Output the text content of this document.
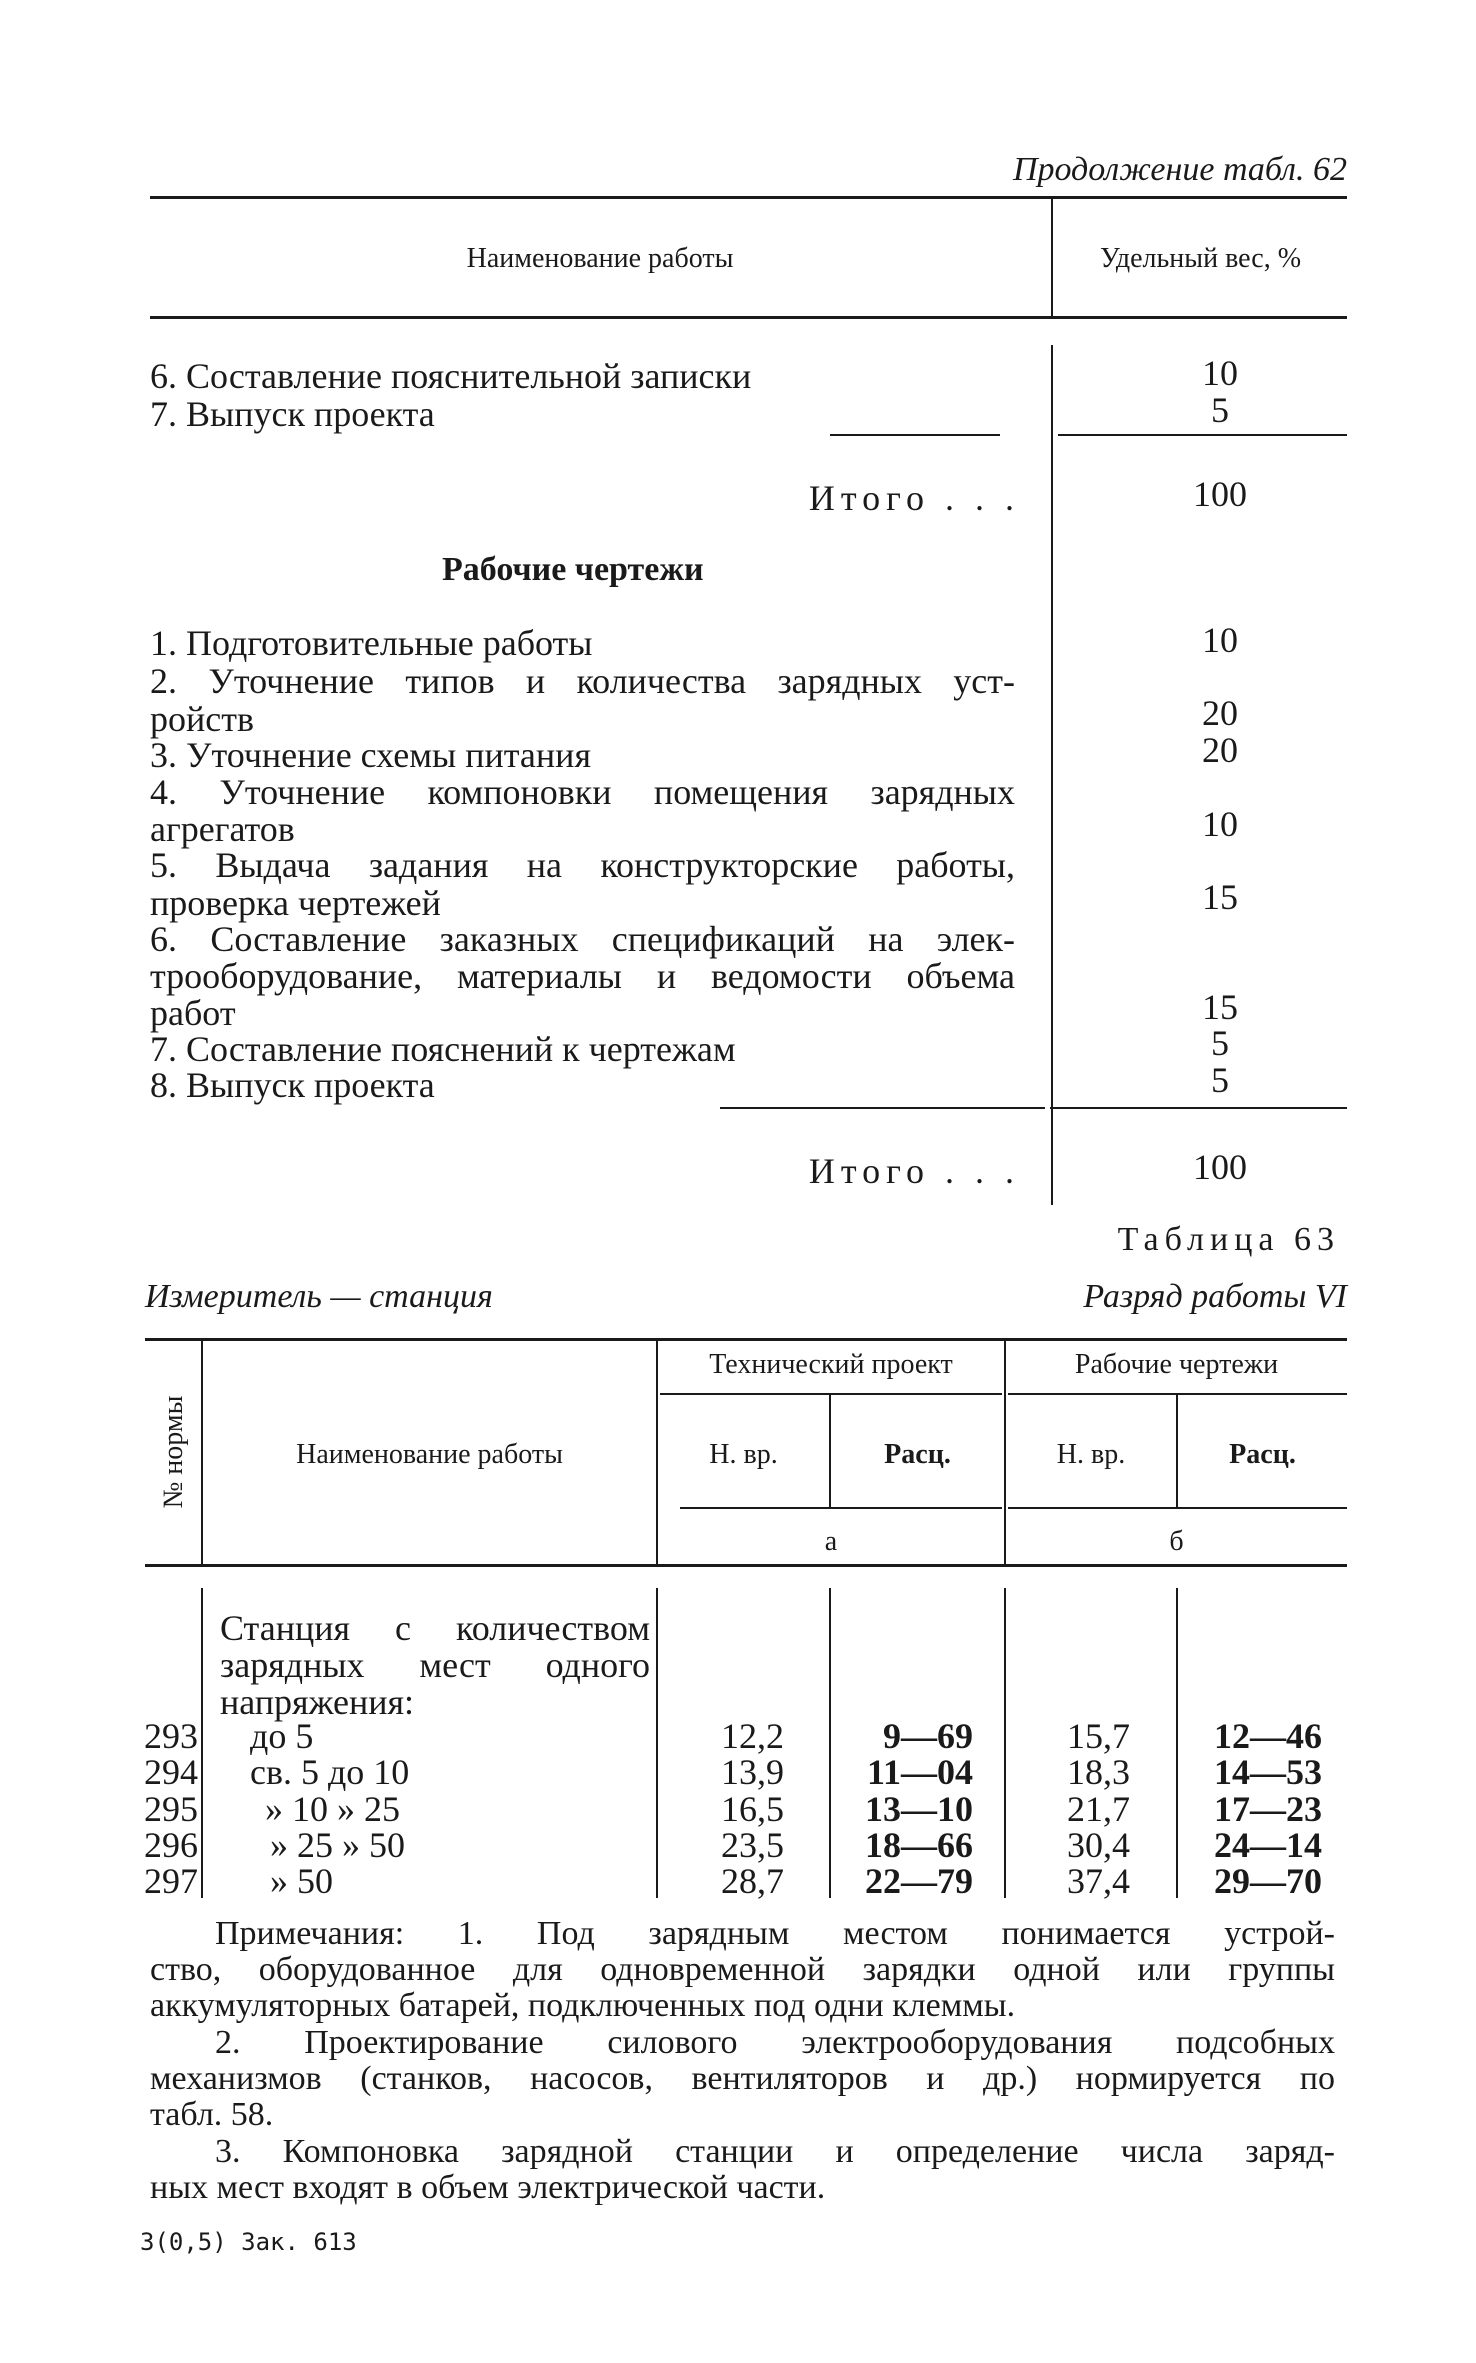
Продолжение табл. 62
Наименование работы	Удельный вес, %
6. Составление пояснительной записки	10
7. Выпуск проекта	5
Итого . . .	100
Рабочие чертежи
1. Подготовительные работы	10
2. Уточнение типов и количества зарядных уст-
ройств	20
3. Уточнение схемы питания	20
4. Уточнение компоновки помещения зарядных
агрегатов	10
5. Выдача задания на конструкторские работы,
проверка чертежей	15
6. Составление заказных спецификаций на элек-
трооборудование, материалы и ведомости объема
работ	15
7. Составление пояснений к чертежам	5
8. Выпуск проекта	5
Итого . . .	100
Таблица 63
Измеритель — станция	Разряд работы VI
№ нормы	Наименование работы
Технический проект	Рабочие чертежи
Н. вр.	Расц.	Н. вр.	Расц.
а	б
Станция с количеством
зарядных мест одного
напряжения:
293 до 5	12,2	9—69	15,7	12—46
294 св. 5 до 10	13,9	11—04	18,3	14—53
295 » 10 » 25	16,5	13—10	21,7	17—23
296 » 25 » 50	23,5	18—66	30,4	24—14
297 » 50	28,7	22—79	37,4	29—70
Примечания: 1. Под зарядным местом понимается устрой-
ство, оборудованное для одновременной зарядки одной или группы
аккумуляторных батарей, подключенных под одни клеммы.
2. Проектирование силового электрооборудования подсобных
механизмов (станков, насосов, вентиляторов и др.) нормируется по
табл. 58.
3. Компоновка зарядной станции и определение числа заряд-
ных мест входят в объем электрической части.
3(0,5) Зак. 613
